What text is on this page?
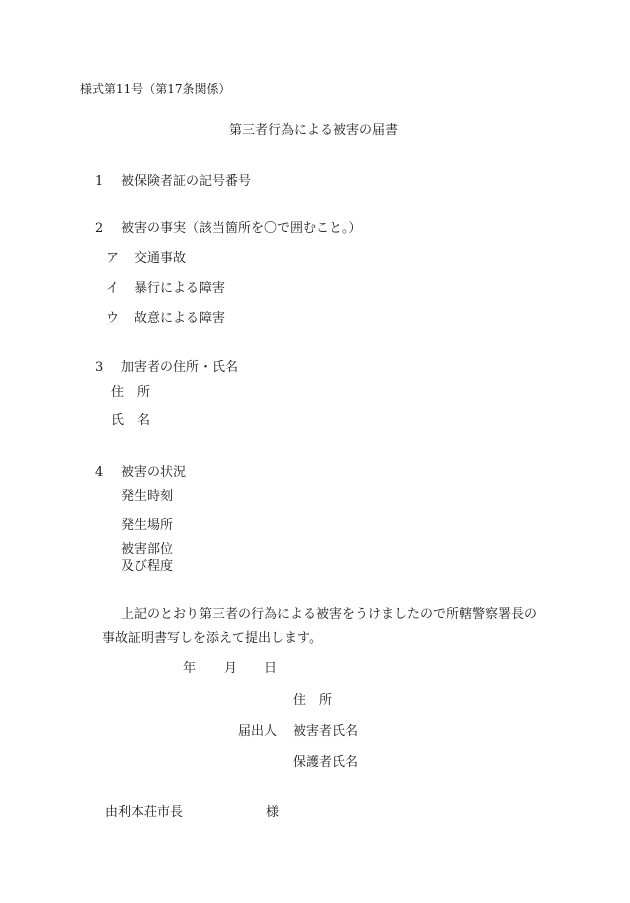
様式第11号（第17条関係）
第三者行為による被害の届書
1 被保険者証の記号番号
2 被害の事実（該当箇所を〇で囲むこと。）
ア 交通事故
イ 暴行による障害
ウ 故意による障害
3 加害者の住所・氏名
住　所
氏　名
4 被害の状況
発生時刻
発生場所
被害部位
及び程度
上記のとおり第三者の行為による被害をうけましたので所轄警察署長の
事故証明書写しを添えて提出します。
年 月 日
住　所
届出人 被害者氏名
保護者氏名
由利本荘市長	様
